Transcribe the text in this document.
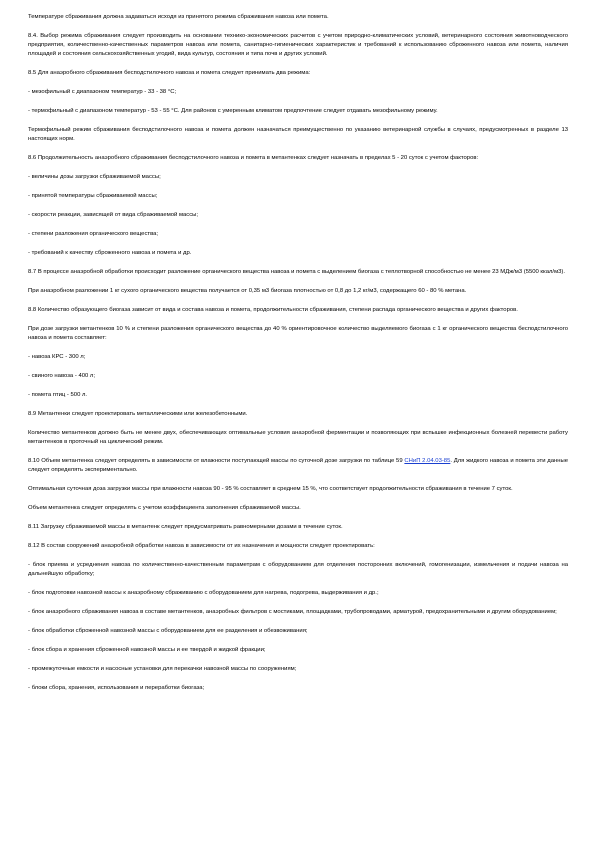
Температуре сбраживания должна задаваться исходя из принятого режима сбраживания навоза или помета.

8.4. Выбор режима сбраживания следует производить на основании технико-экономических расчетов с учетом природно-климатических условий, ветеринарного состояния животноводческого предприятия, количественно-качественных параметров навоза или помета, санитарно-гигиенических характеристик и требований к использованию сброженного навоза или помета, наличия площадей и состояния сельскохозяйственных угодий, вида культур, состояния и типа почв и других условий.

8.5 Для анаэробного сбраживания бесподстилочного навоза и помета следует принимать два режима:

- мезофильный с диапазоном температур - 33 - 38 °С;

- термофильный с диапазоном температур - 53 - 55 °С. Для районов с умеренным климатом предпочтение следует отдавать мезофильному режиму.

Термофильный режим сбраживания бесподстилочного навоза и помета должен назначаться преимущественно по указанию ветеринарной службы в случаях, предусмотренных в разделе 13 настоящих норм.

8.6 Продолжительность анаэробного сбраживания бесподстилочного навоза и помета в метантенках следует назначать в пределах 5 - 20 суток с учетом факторов:

- величины дозы загрузки сбраживаемой массы;

- принятой температуры сбраживаемой массы;

- скорости реакции, зависящей от вида сбраживаемой массы;

- степени разложения органического вещества;

- требований к качеству сброженного навоза и помета и др.

8.7 В процессе анаэробной обработки происходит разложение органического вещества навоза и помета с выделением биогаза с теплотворной способностью не менее 23 МДж/м3 (5500 ккал/м3).

При анаэробном разложении 1 кг сухого органического вещества получается от 0,35 м3 биогаза плотностью от 0,8 до 1,2 кг/м3, содержащего 60 - 80 % метана.

8.8 Количество образующего биогаза зависит от вида и состава навоза и помета, продолжительности сбраживания, степени распада органического вещества и других факторов.

При дозе загрузки метантенков 10 % и степени разложения органического вещества до 40 % ориентировочное количество выделяемого биогаза с 1 кг органического вещества бесподстилочного навоза и помета составляет:

- навоза КРС - 300 л;

- свиного навоза - 400 л;

- помета птиц - 500 л.

8.9 Метантенки следует проектировать металлическими или железобетонными.

Количество метантенков должно быть не менее двух, обеспечивающих оптимальные условия анаэробной ферментации и позволяющих при вспышке инфекционных болезней перевести работу метантенков в проточный на циклический режим.

8.10 Объем метантенка следует определять в зависимости от влажности поступающей массы по суточной дозе загрузки по таблице 59 СНиП 2.04.03-85. Для жидкого навоза и помета эти данные следует определять экспериментально.

Оптимальная суточная доза загрузки массы при влажности навоза 90 - 95 % составляет в среднем 15 %, что соответствует продолжительности сбраживания в течение 7 суток.

Объем метантенка следует определять с учетом коэффициента заполнения сбраживаемой массы.

8.11 Загрузку сбраживаемой массы в метантенк следует предусматривать равномерными дозами в течение суток.

8.12 В состав сооружений анаэробной обработки навоза в зависимости от их назначения и мощности следует проектировать:

- блок приема и усреднения навоза по количественно-качественным параметрам с оборудованием для отделения посторонних включений, гомогенизации, измельчения и подачи навоза на дальнейшую обработку;

- блок подготовки навозной массы к анаэробному сбраживанию с оборудованием для нагрева, подогрева, выдерживания и др.;

- блок анаэробного сбраживания навоза в составе метантенков, анаэробных фильтров с мостиками, площадками, трубопроводами, арматурой, предохранительными и другим оборудованием;

- блок обработки сброженной навозной массы с оборудованием для ее разделения и обезвоживания;

- блок сбора и хранения сброженной навозной массы и ее твердой и жидкой фракции;

- промежуточные емкости и насосные установки для перекачки навозной массы по сооружениям;

- блоки сбора, хранения, использования и переработки биогаза;
